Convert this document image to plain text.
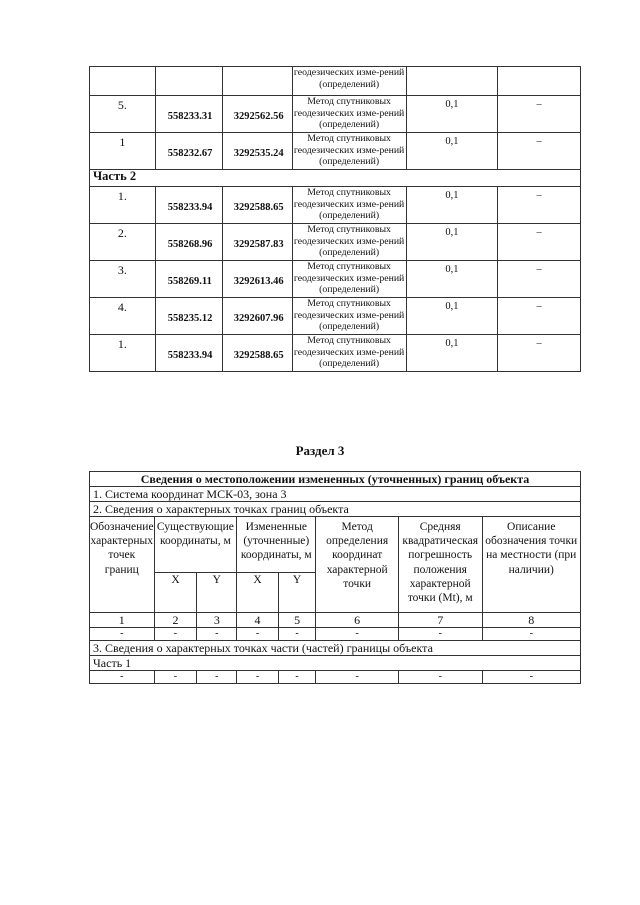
			геодезических изме-рений (определений)		
5.	558233.31	3292562.56	Метод спутниковых геодезических изме-рений (определений)	0,1	–
1	558232.67	3292535.24	Метод спутниковых геодезических изме-рений (определений)	0,1	–
Часть 2					
1.	558233.94	3292588.65	Метод спутниковых геодезических изме-рений (определений)	0,1	–
2.	558268.96	3292587.83	Метод спутниковых геодезических изме-рений (определений)	0,1	–
3.	558269.11	3292613.46	Метод спутниковых геодезических изме-рений (определений)	0,1	–
4.	558235.12	3292607.96	Метод спутниковых геодезических изме-рений (определений)	0,1	–
1.	558233.94	3292588.65	Метод спутниковых геодезических изме-рений (определений)	0,1	–
Раздел 3
Сведения о местоположении измененных (уточненных) границ объекта							
1. Система координат МСК-03, зона 3							
2. Сведения о характерных точках границ объекта							
Обозначение характерных точек границ	Существующие координаты, м		Измененные (уточненные) координаты, м		Метод определения координат характерной точки	Средняя квадратическая погрешность положения характерной точки (Mt), м	Описание обозначения точки на местности (при наличии)
	X	Y	X	Y			
1	2	3	4	5	6	7	8
-	-	-	-	-	-	-	-
3. Сведения о характерных точках части (частей) границы объекта							
Часть 1							
-	-	-	-	-	-	-	-
